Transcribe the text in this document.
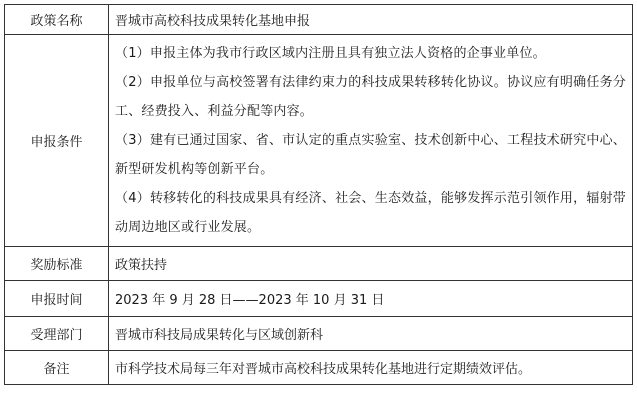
政策名称	晋城市高校科技成果转化基地申报
申报条件	（1）申报主体为我市行政区域内注册且具有独立法人资格的企事业单位。
（2）申报单位与高校签署有法律约束力的科技成果转移转化协议。协议应有明确任务分工、经费投入、利益分配等内容。
（3）建有已通过国家、省、市认定的重点实验室、技术创新中心、工程技术研究中心、新型研发机构等创新平台。
（4）转移转化的科技成果具有经济、社会、生态效益，能够发挥示范引领作用，辐射带动周边地区或行业发展。

奖励标准	政策扶持
申报时间	2023 年 9 月 28 日——2023 年 10 月 31 日
受理部门	晋城市科技局成果转化与区域创新科
备注	市科学技术局每三年对晋城市高校科技成果转化基地进行定期绩效评估。
